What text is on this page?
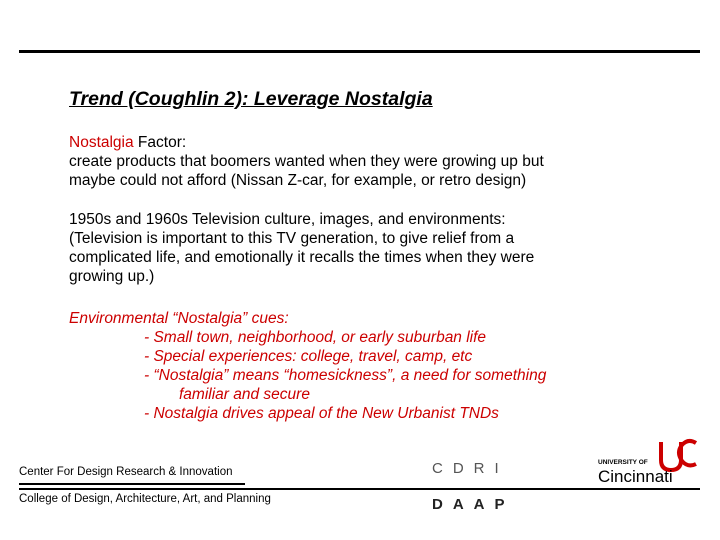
Trend (Coughlin 2): Leverage Nostalgia
Nostalgia Factor:
create products that boomers wanted when they were growing up but
maybe could not afford (Nissan Z-car, for example, or retro design)
1950s and 1960s Television culture, images, and environments:
(Television is important to this TV generation, to give relief from a
complicated life, and emotionally it recalls the times when they were
growing up.)
Environmental “Nostalgia” cues:
- Small town, neighborhood, or early suburban life
- Special experiences: college, travel, camp, etc
- “Nostalgia” means “homesickness”, a need for something
familiar and secure
- Nostalgia drives appeal of the New Urbanist TNDs
Center For Design Research & Innovation
College of Design, Architecture, Art, and Planning
CDRI
DAAP
UNIVERSITY OF
Cincinnati
